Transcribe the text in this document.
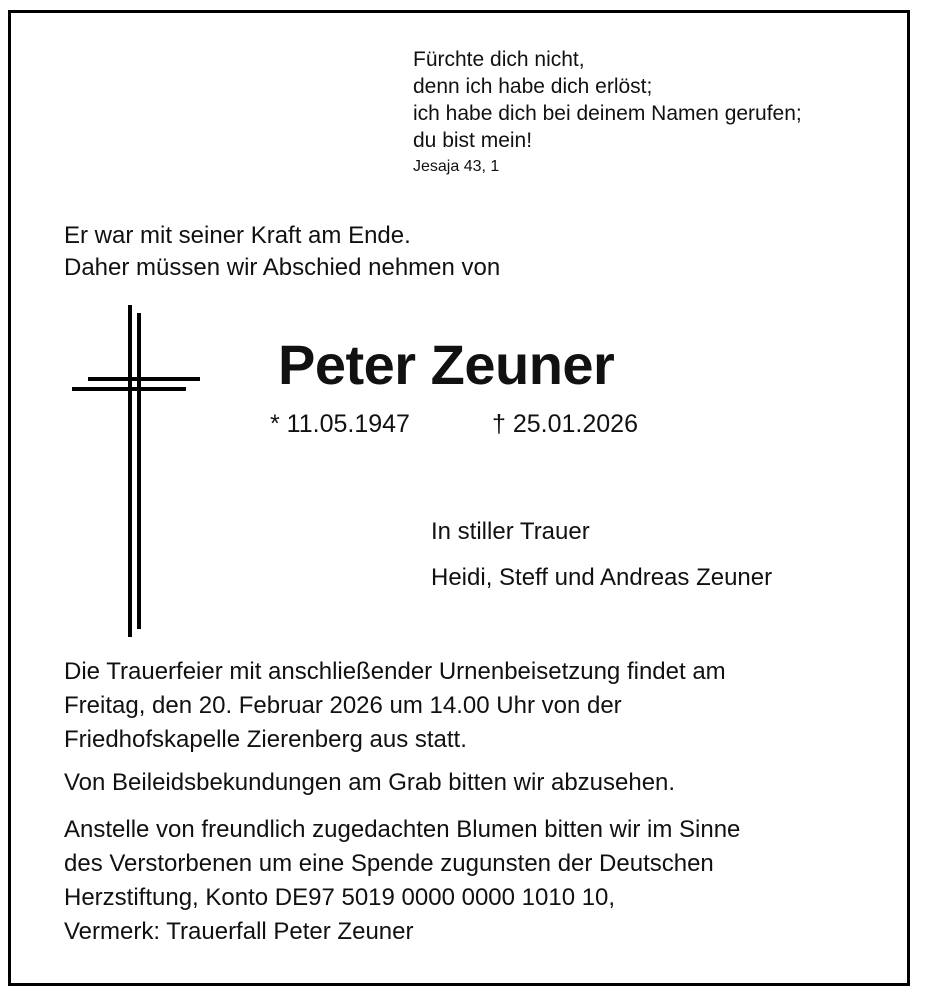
Fürchte dich nicht,
denn ich habe dich erlöst;
ich habe dich bei deinem Namen gerufen;
du bist mein!
Jesaja 43, 1
Er war mit seiner Kraft am Ende.
Daher müssen wir Abschied nehmen von
Peter Zeuner
* 11.05.1947	† 25.01.2026
In stiller Trauer
Heidi, Steff und Andreas Zeuner
Die Trauerfeier mit anschließender Urnenbeisetzung findet am
Freitag, den 20. Februar 2026 um 14.00 Uhr von der
Friedhofskapelle Zierenberg aus statt.
Von Beileidsbekundungen am Grab bitten wir abzusehen.
Anstelle von freundlich zugedachten Blumen bitten wir im Sinne
des Verstorbenen um eine Spende zugunsten der Deutschen
Herzstiftung, Konto DE97 5019 0000 0000 1010 10,
Vermerk: Trauerfall Peter Zeuner
